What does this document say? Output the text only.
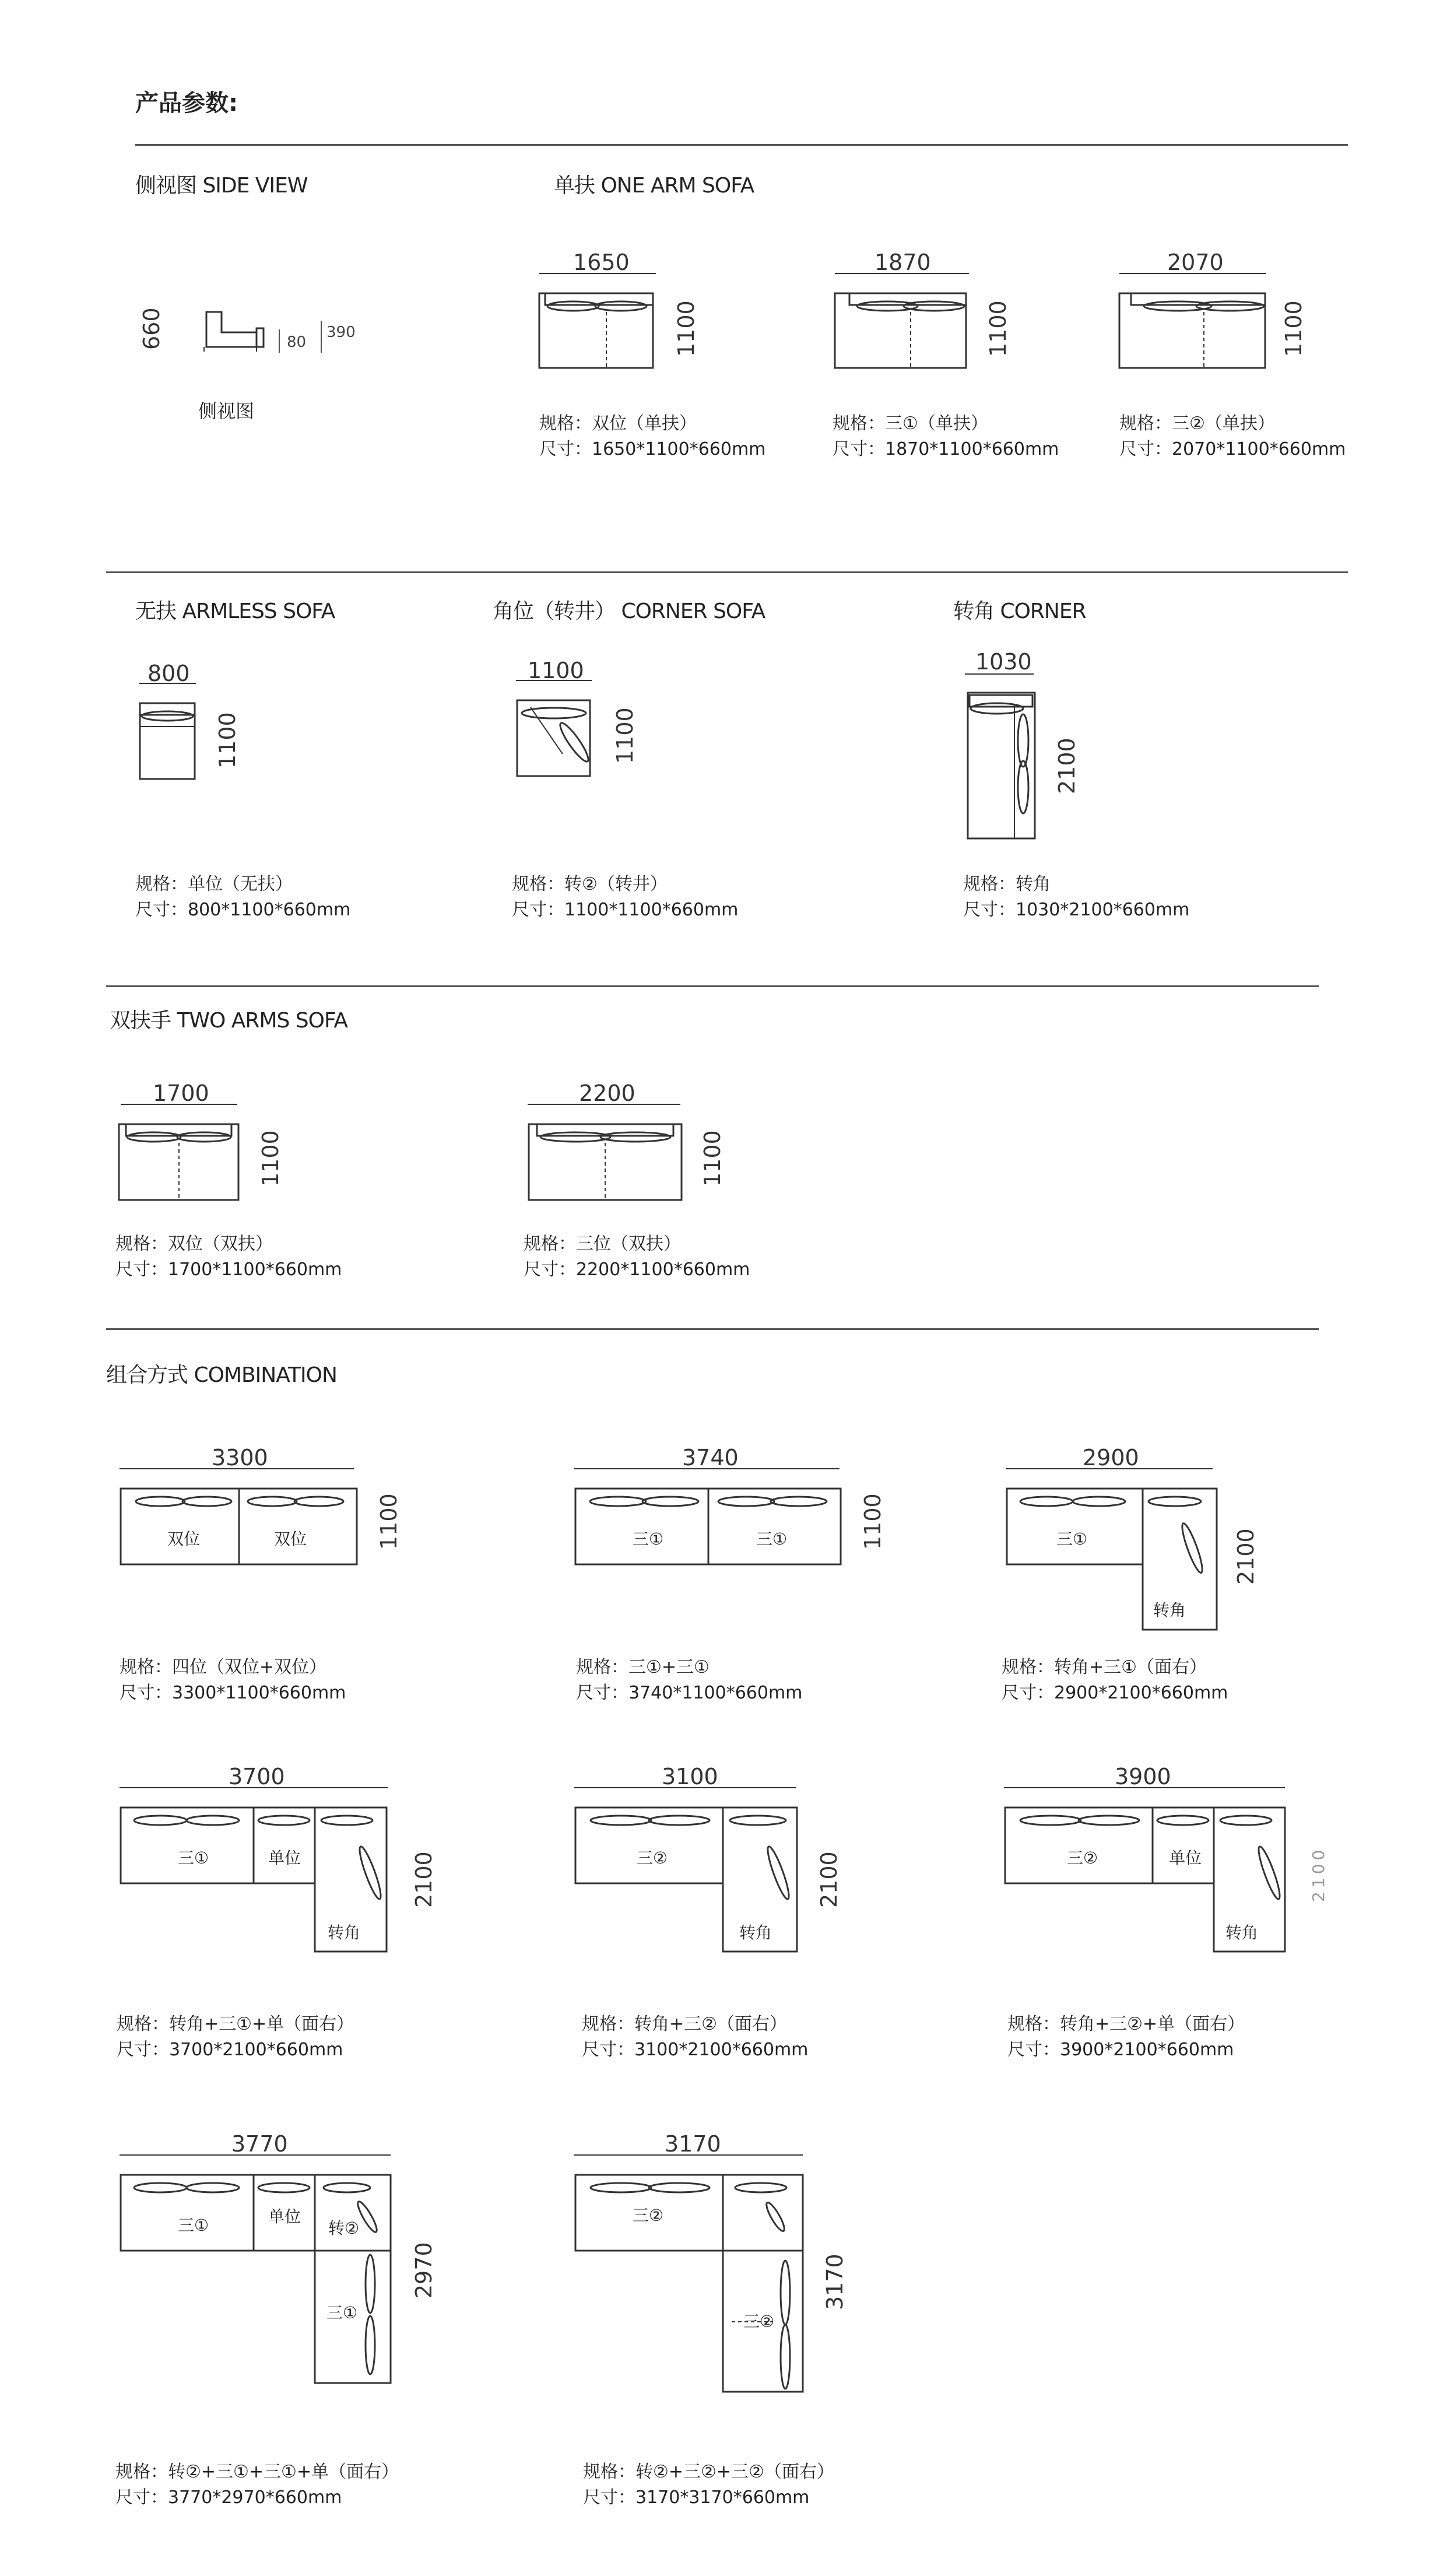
产品参数:
侧视图 SIDE VIEW	单扶 ONE ARM SOFA
660	80
390
侧视图
1650
1100
规格：双位（单扶）
尺寸：1650*1100*660mm
1870
1100
规格：三①（单扶）
尺寸：1870*1100*660mm
2070
1100
规格：三②（单扶）
尺寸：2070*1100*660mm
无扶 ARMLESS SOFA	角位（转井） CORNER SOFA	转角 CORNER
800
1100
规格：单位（无扶）
尺寸：800*1100*660mm
1100
1100
规格：转②（转井）
尺寸：1100*1100*660mm
1030
2100
规格：转角
尺寸：1030*2100*660mm
双扶手 TWO ARMS SOFA
1700
1100
规格：双位（双扶）
尺寸：1700*1100*660mm
2200
1100
规格：三位（双扶）
尺寸：2200*1100*660mm
组合方式 COMBINATION
3300
双位	双位	1100
规格：四位（双位+双位）
尺寸：3300*1100*660mm
3740
三①	三①	1100
规格：三①+三①
尺寸：3740*1100*660mm
2900
三①
转角
2100
规格：转角+三①（面右）
尺寸：2900*2100*660mm
3700
三①	单位
转角
2100
规格：转角+三①+单（面右）
尺寸：3700*2100*660mm
3100
三②
转角
2100
规格：转角+三②（面右）
尺寸：3100*2100*660mm
3900
三②	单位
转角
2100
规格：转角+三②+单（面右）
尺寸：3900*2100*660mm
3770
三①	单位
转②
三①
2970
规格：转②+三①+三①+单（面右）
尺寸：3770*2970*660mm
3170
三②
三②
3170
规格：转②+三②+三②（面右）
尺寸：3170*3170*660mm
